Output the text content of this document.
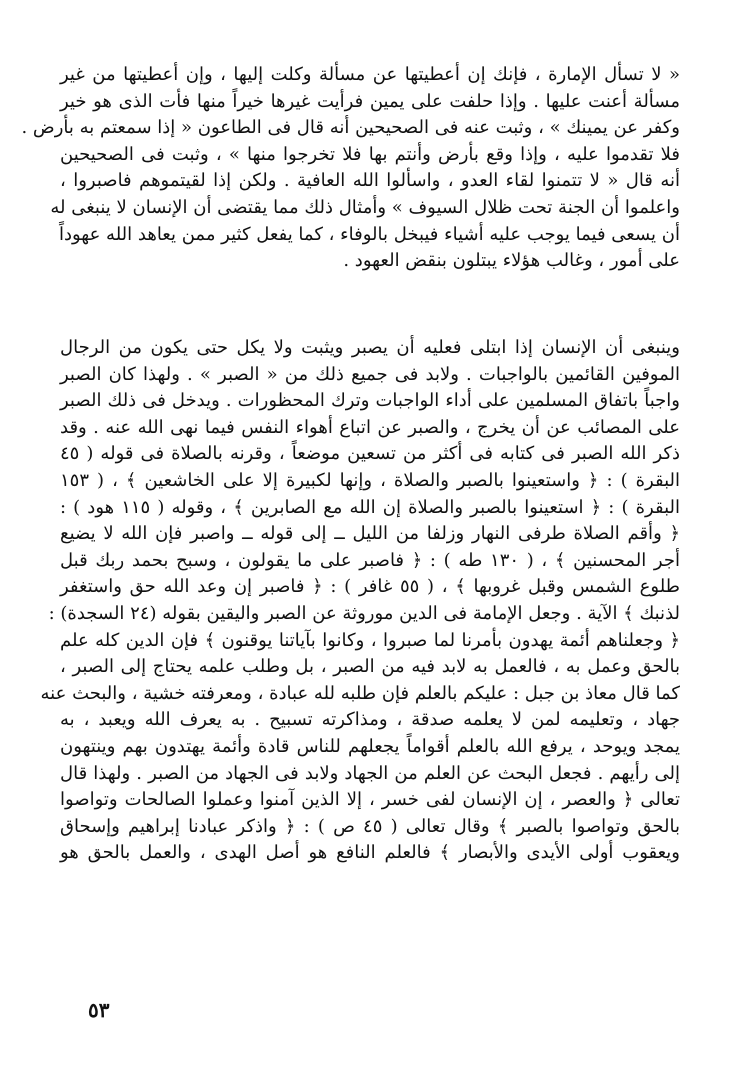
« لا تسأل الإمارة ، فإنك إن أعطيتها عن مسألة وكلت إليها ، وإن أعطيتها من غير
مسألة أعنت عليها . وإذا حلفت على يمين فرأيت غيرها خيراً منها فأت الذى هو خير
وكفر عن يمينك » ، وثبت عنه فى الصحيحين أنه قال فى الطاعون « إذا سمعتم به بأرض .
فلا تقدموا عليه ، وإذا وقع بأرض وأنتم بها فلا تخرجوا منها » ، وثبت فى الصحيحين
أنه قال « لا تتمنوا لقاء العدو ، واسألوا الله العافية . ولكن إذا لقيتموهم فاصبروا ،
واعلموا أن الجنة تحت ظلال السيوف » وأمثال ذلك مما يقتضى أن الإنسان لا ينبغى له
أن يسعى فيما يوجب عليه أشياء فيبخل بالوفاء ، كما يفعل كثير ممن يعاهد الله عهوداً
على أمور ، وغالب هؤلاء يبتلون بنقض العهود .
وينبغى أن الإنسان إذا ابتلى فعليه أن يصبر ويثبت ولا يكل حتى يكون من الرجال
الموفين القائمين بالواجبات . ولابد فى جميع ذلك من « الصبر » . ولهذا كان الصبر
واجباً باتفاق المسلمين على أداء الواجبات وترك المحظورات . ويدخل فى ذلك الصبر
على المصائب عن أن يخرج ، والصبر عن اتباع أهواء النفس فيما نهى الله عنه . وقد
ذكر الله الصبر فى كتابه فى أكثر من تسعين موضعاً ، وقرنه بالصلاة فى قوله ( ٤٥
البقرة ) : ﴿ واستعينوا بالصبر والصلاة ، وإنها لكبيرة إلا على الخاشعين ﴾ ، ( ١٥٣
البقرة ) : ﴿ استعينوا بالصبر والصلاة إن الله مع الصابرين ﴾ ، وقوله ( ١١٥ هود ) :
﴿ وأقم الصلاة طرفى النهار وزلفا من الليل ــ إلى قوله ــ واصبر فإن الله لا يضيع
أجر المحسنين ﴾ ، ( ١٣٠ طه ) : ﴿ فاصبر على ما يقولون ، وسبح بحمد ربك قبل
طلوع الشمس وقبل غروبها ﴾ ، ( ٥٥ غافر ) : ﴿ فاصبر إن وعد الله حق واستغفر
لذنبك ﴾ الآية . وجعل الإمامة فى الدين موروثة عن الصبر واليقين بقوله (٢٤ السجدة) :
﴿ وجعلناهم أئمة يهدون بأمرنا لما صبروا ، وكانوا بآياتنا يوقنون ﴾ فإن الدين كله علم
بالحق وعمل به ، فالعمل به لابد فيه من الصبر ، بل وطلب علمه يحتاج إلى الصبر ،
كما قال معاذ بن جبل : عليكم بالعلم فإن طلبه لله عبادة ، ومعرفته خشية ، والبحث عنه
جهاد ، وتعليمه لمن لا يعلمه صدقة ، ومذاكرته تسبيح . به يعرف الله ويعبد ، به
يمجد ويوحد ، يرفع الله بالعلم أقواماً يجعلهم للناس قادة وأئمة يهتدون بهم وينتهون
إلى رأيهم . فجعل البحث عن العلم من الجهاد ولابد فى الجهاد من الصبر . ولهذا قال
تعالى ﴿ والعصر ، إن الإنسان لفى خسر ، إلا الذين آمنوا وعملوا الصالحات وتواصوا
بالحق وتواصوا بالصبر ﴾ وقال تعالى ( ٤٥ ص ) : ﴿ واذكر عبادنا إبراهيم وإسحاق
ويعقوب أولى الأيدى والأبصار ﴾ فالعلم النافع هو أصل الهدى ، والعمل بالحق هو
٥٣
